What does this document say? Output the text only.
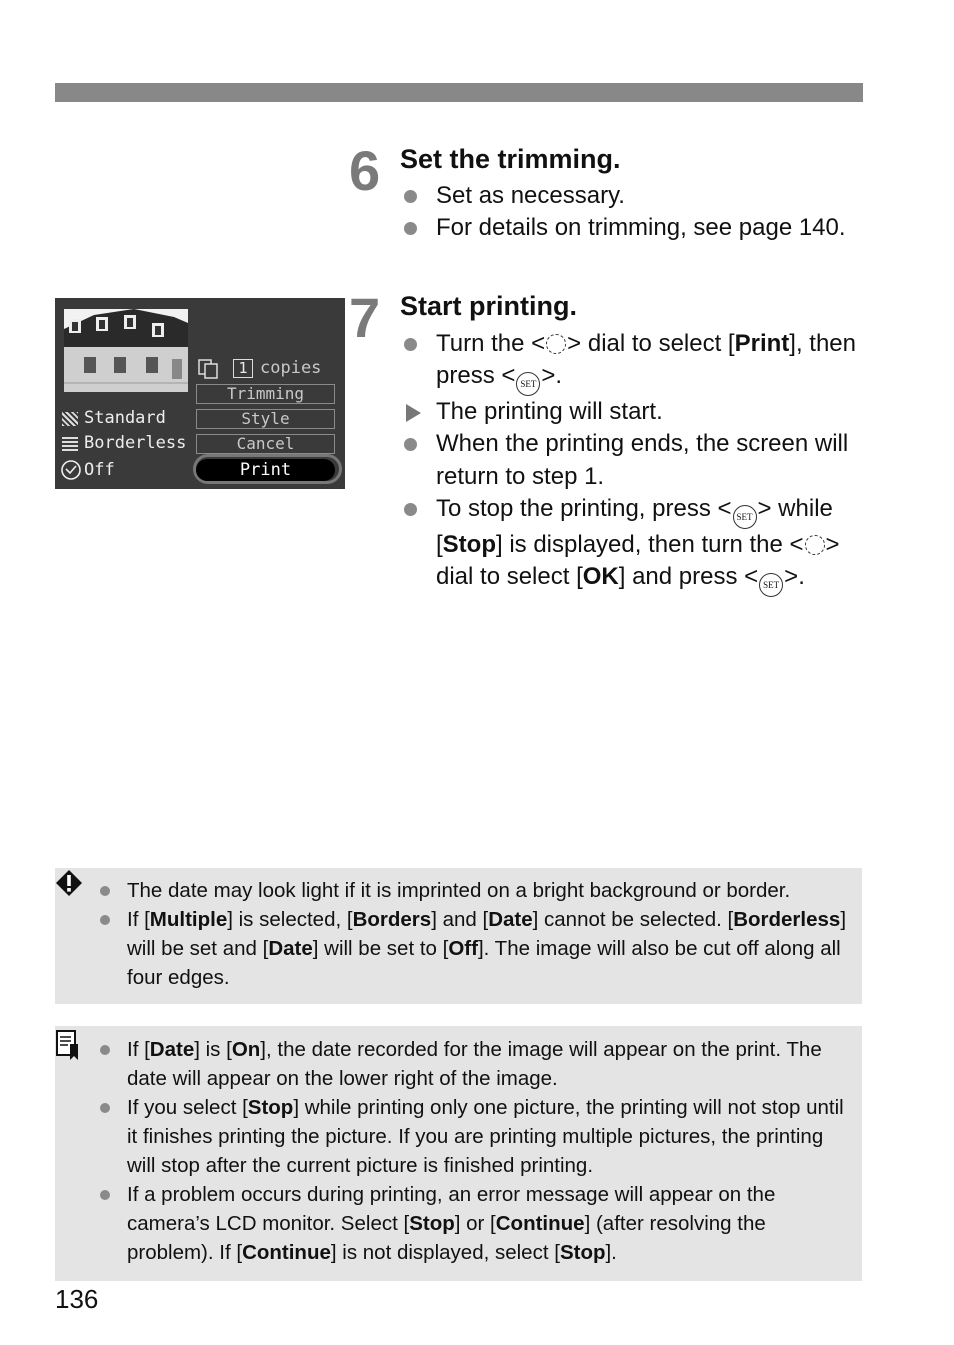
6 Set the trimming.
Set as necessary.
For details on trimming, see page 140.
1 copies
Trimming
Style
Cancel
Print
Standard
Borderless
Off
7 Start printing.
Turn the < > dial to select [Print], then press < SET >.
The printing will start.
When the printing ends, the screen will return to step 1.
To stop the printing, press < SET > while [Stop] is displayed, then turn the < > dial to select [OK] and press < SET >.
The date may look light if it is imprinted on a bright background or border.
If [Multiple] is selected, [Borders] and [Date] cannot be selected. [Borderless] will be set and [Date] will be set to [Off]. The image will also be cut off along all four edges.
If [Date] is [On], the date recorded for the image will appear on the print. The date will appear on the lower right of the image.
If you select [Stop] while printing only one picture, the printing will not stop until it finishes printing the picture. If you are printing multiple pictures, the printing will stop after the current picture is finished printing.
If a problem occurs during printing, an error message will appear on the camera’s LCD monitor. Select [Stop] or [Continue] (after resolving the problem). If [Continue] is not displayed, select [Stop].
136
